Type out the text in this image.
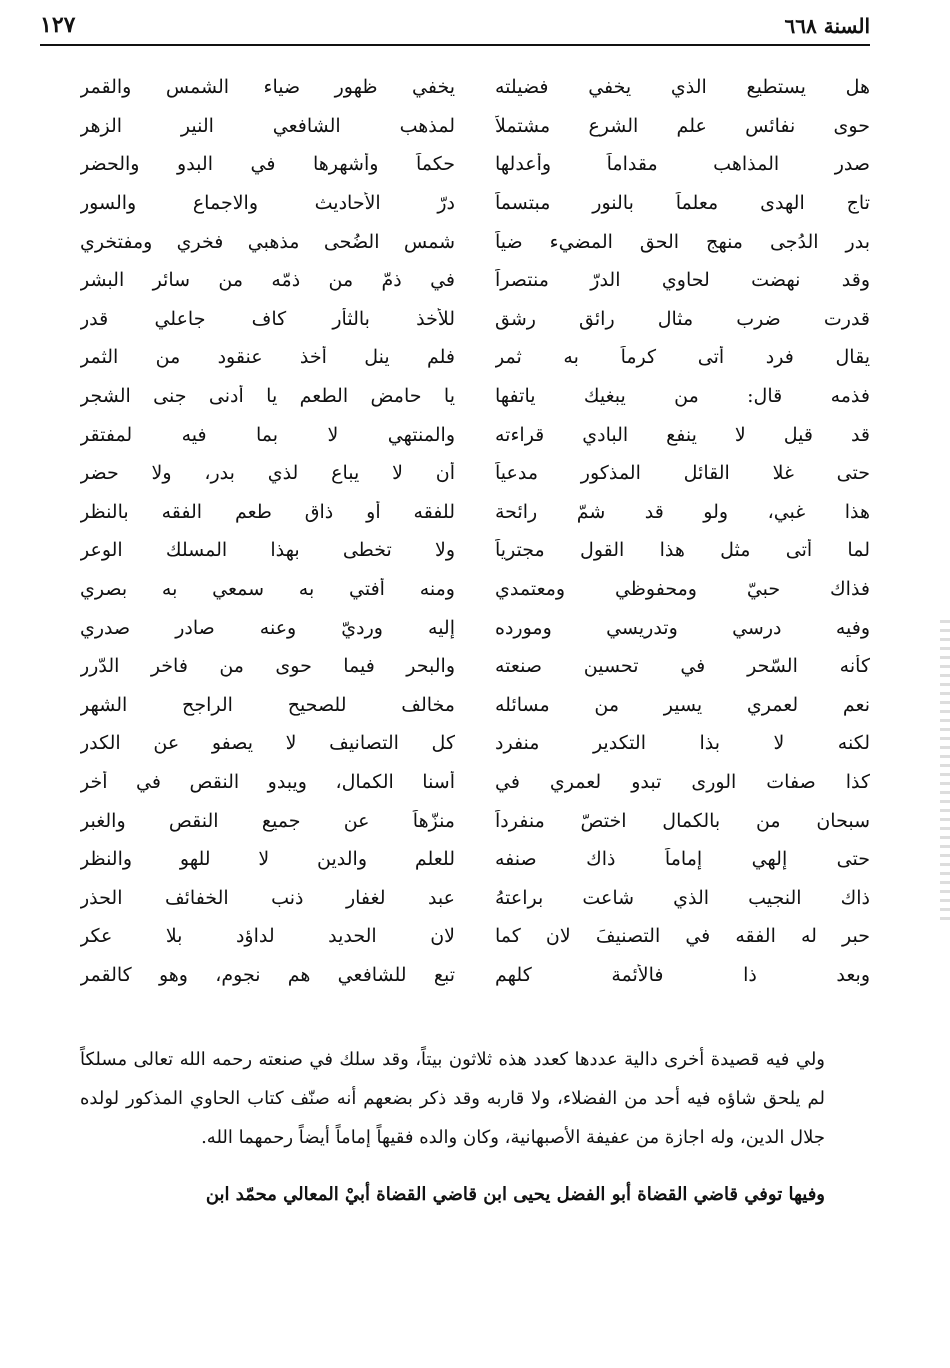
السنة ٦٦٨
١٢٧
هل يستطيع الذي يخفي فضيلته
يخفي ظهور ضياء الشمس والقمر
حوى نفائس علم الشرع مشتملاً
لمذهب الشافعي النير الزهر
صدر المذاهب مقداماً وأعدلها
حكماً وأشهرها في البدو والحضر
تاج الهدى معلماً بالنور مبتسماً
درّ الأحاديث والاجماع والسور
بدر الدُجى منهج الحق المضيء ضياً
شمس الضُحى مذهبي فخري ومفتخري
وقد نهضت لحاوي الدرّ منتصراً
في ذمّ من ذمّه من سائر البشر
قدرت ضرب مثال رائق رشق
للأخذ بالثأر كاف جاعلي قدرِ
يقال فرد أتى كرماً به ثمر
فلم ينل أخذ عنقود من الثمرِ
فذمه قال: من يبغيك ياتفها
يا حامض الطعم يا أدنى جنى الشجرِ
قد قيل لا ينفع البادي قراءته
والمنتهي لا بما فيه لمفتقرِ
حتى غلا القائل المذكور مدعياً
أن لا يباع لذي بدر، ولا حضرِ
هذا غبي، ولو قد شمّ رائحة
للفقه أو ذاق طعم الفقه بالنظرِ
لما أتى مثل هذا القول مجترياً
ولا تخطى بهذا المسلك الوعرِ
فذاك حبيّ ومحفوظي ومعتمدي
ومنه أفتي به سمعي به بصري
وفيه درسي وتدريسي ومورده
إليه ورديّ وعنه صادر صدري
كأنه السّحر في تحسين صنعته
والبحر فيما حوى من فاخر الدّرر
نعم لعمري يسير من مسائله
مخالف للصحيح الراجح الشهرِ
لكنه لا بذا التكدير منفرد
كل التصانيف لا يصفو عن الكدرِ
كذا صفات الورى تبدو لعمري في
أسنا الكمال، ويبدو النقص في أخرِ
سبحان من بالكمال اختصّ منفرداً
منزّهاً عن جميع النقص والغبرِ
حتى إلهي إماماً ذاك صنفه
للعلم والدين لا للهو والنظرِ
ذاك النجيب الذي شاعت براعتهُ
عبد لغفار ذنب الخفائف الحذرِ
حبر له الفقه في التصنيفَ لان كما
لان الحديد لداؤد بلا عكر
وبعد ذا فالأئمة كلهم
تبع للشافعي هم نجوم، وهو كالقمر

ولي فيه قصيدة أخرى دالية عددها كعدد هذه ثلاثون بيتاً، وقد سلك في صنعته رحمه الله تعالى مسلكاً لم يلحق شاؤه فيه أحد من الفضلاء، ولا قاربه وقد ذكر بضعهم أنه صنّف كتاب الحاوي المذكور لولده جلال الدين، وله اجازة من عفيفة الأصبهانية، وكان والده فقيهاً إماماً أيضاً رحمهما الله.

وفيها توفي قاضي القضاة أبو الفضل يحيى ابن قاضي القضاة أبيْ المعالي محمّد ابن
